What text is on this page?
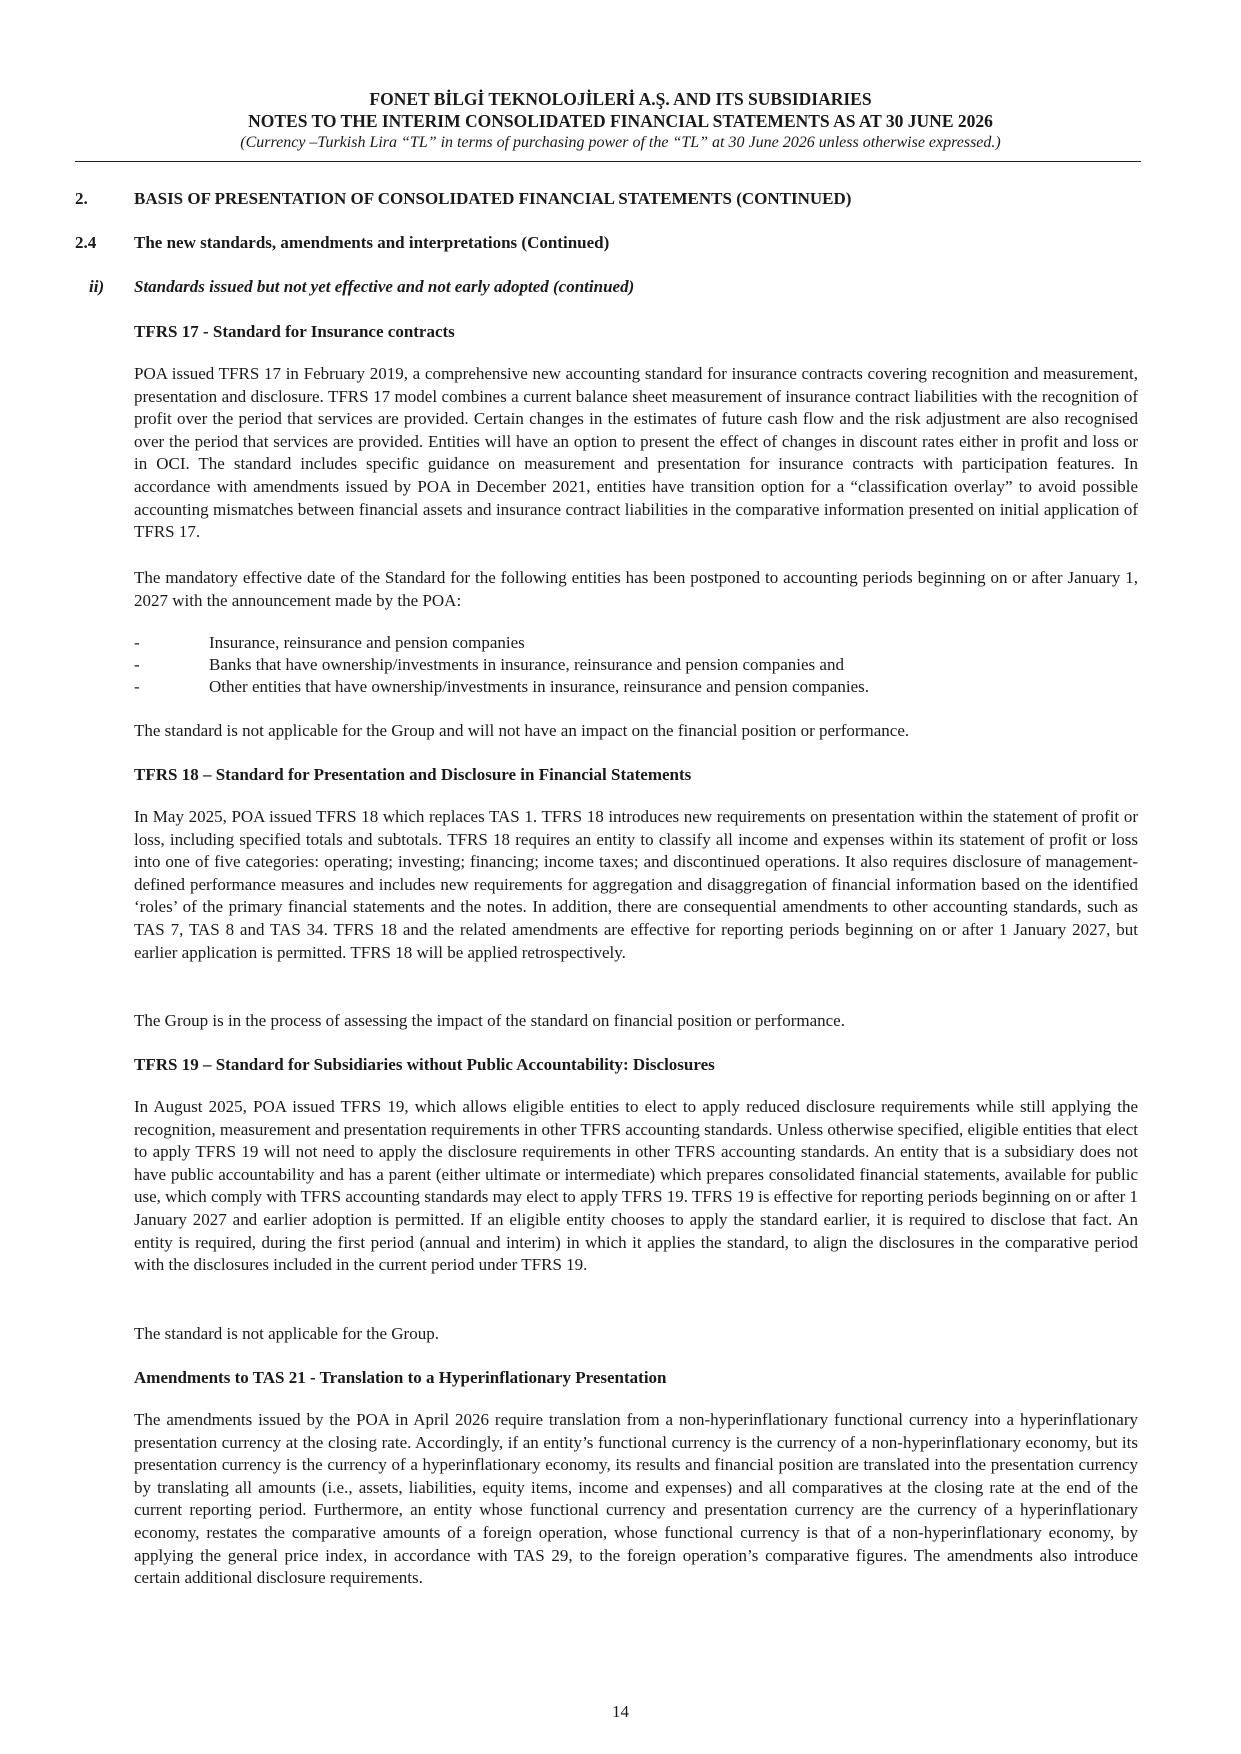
FONET BİLGİ TEKNOLOJİLERİ A.Ş. AND ITS SUBSIDIARIES
NOTES TO THE INTERIM CONSOLIDATED FINANCIAL STATEMENTS AS AT 30 JUNE 2026
(Currency –Turkish Lira “TL” in terms of purchasing power of the “TL” at 30 June 2026 unless otherwise expressed.)
2.	BASIS OF PRESENTATION OF CONSOLIDATED FINANCIAL STATEMENTS (CONTINUED)
2.4 The new standards, amendments and interpretations (Continued)
ii) Standards issued but not yet effective and not early adopted (continued)
TFRS 17 - Standard for Insurance contracts
POA issued TFRS 17 in February 2019, a comprehensive new accounting standard for insurance contracts covering recognition and measurement, presentation and disclosure. TFRS 17 model combines a current balance sheet measurement of insurance contract liabilities with the recognition of profit over the period that services are provided. Certain changes in the estimates of future cash flow and the risk adjustment are also recognised over the period that services are provided. Entities will have an option to present the effect of changes in discount rates either in profit and loss or in OCI. The standard includes specific guidance on measurement and presentation for insurance contracts with participation features. In accordance with amendments issued by POA in December 2021, entities have transition option for a “classification overlay” to avoid possible accounting mismatches between financial assets and insurance contract liabilities in the comparative information presented on initial application of TFRS 17.
The mandatory effective date of the Standard for the following entities has been postponed to accounting periods beginning on or after January 1, 2027 with the announcement made by the POA:
-	Insurance, reinsurance and pension companies
-	Banks that have ownership/investments in insurance, reinsurance and pension companies and
-	Other entities that have ownership/investments in insurance, reinsurance and pension companies.
The standard is not applicable for the Group and will not have an impact on the financial position or performance.
TFRS 18 – Standard for Presentation and Disclosure in Financial Statements
In May 2025, POA issued TFRS 18 which replaces TAS 1. TFRS 18 introduces new requirements on presentation within the statement of profit or loss, including specified totals and subtotals. TFRS 18 requires an entity to classify all income and expenses within its statement of profit or loss into one of five categories: operating; investing; financing; income taxes; and discontinued operations. It also requires disclosure of management-defined performance measures and includes new requirements for aggregation and disaggregation of financial information based on the identified ‘roles’ of the primary financial statements and the notes. In addition, there are consequential amendments to other accounting standards, such as TAS 7, TAS 8 and TAS 34. TFRS 18 and the related amendments are effective for reporting periods beginning on or after 1 January 2027, but earlier application is permitted. TFRS 18 will be applied retrospectively.
The Group is in the process of assessing the impact of the standard on financial position or performance.
TFRS 19 – Standard for Subsidiaries without Public Accountability: Disclosures
In August 2025, POA issued TFRS 19, which allows eligible entities to elect to apply reduced disclosure requirements while still applying the recognition, measurement and presentation requirements in other TFRS accounting standards. Unless otherwise specified, eligible entities that elect to apply TFRS 19 will not need to apply the disclosure requirements in other TFRS accounting standards. An entity that is a subsidiary does not have public accountability and has a parent (either ultimate or intermediate) which prepares consolidated financial statements, available for public use, which comply with TFRS accounting standards may elect to apply TFRS 19. TFRS 19 is effective for reporting periods beginning on or after 1 January 2027 and earlier adoption is permitted. If an eligible entity chooses to apply the standard earlier, it is required to disclose that fact. An entity is required, during the first period (annual and interim) in which it applies the standard, to align the disclosures in the comparative period with the disclosures included in the current period under TFRS 19.
The standard is not applicable for the Group.
Amendments to TAS 21 - Translation to a Hyperinflationary Presentation
The amendments issued by the POA in April 2026 require translation from a non-hyperinflationary functional currency into a hyperinflationary presentation currency at the closing rate. Accordingly, if an entity’s functional currency is the currency of a non-hyperinflationary economy, but its presentation currency is the currency of a hyperinflationary economy, its results and financial position are translated into the presentation currency by translating all amounts (i.e., assets, liabilities, equity items, income and expenses) and all comparatives at the closing rate at the end of the current reporting period. Furthermore, an entity whose functional currency and presentation currency are the currency of a hyperinflationary economy, restates the comparative amounts of a foreign operation, whose functional currency is that of a non-hyperinflationary economy, by applying the general price index, in accordance with TAS 29, to the foreign operation’s comparative figures. The amendments also introduce certain additional disclosure requirements.
14
